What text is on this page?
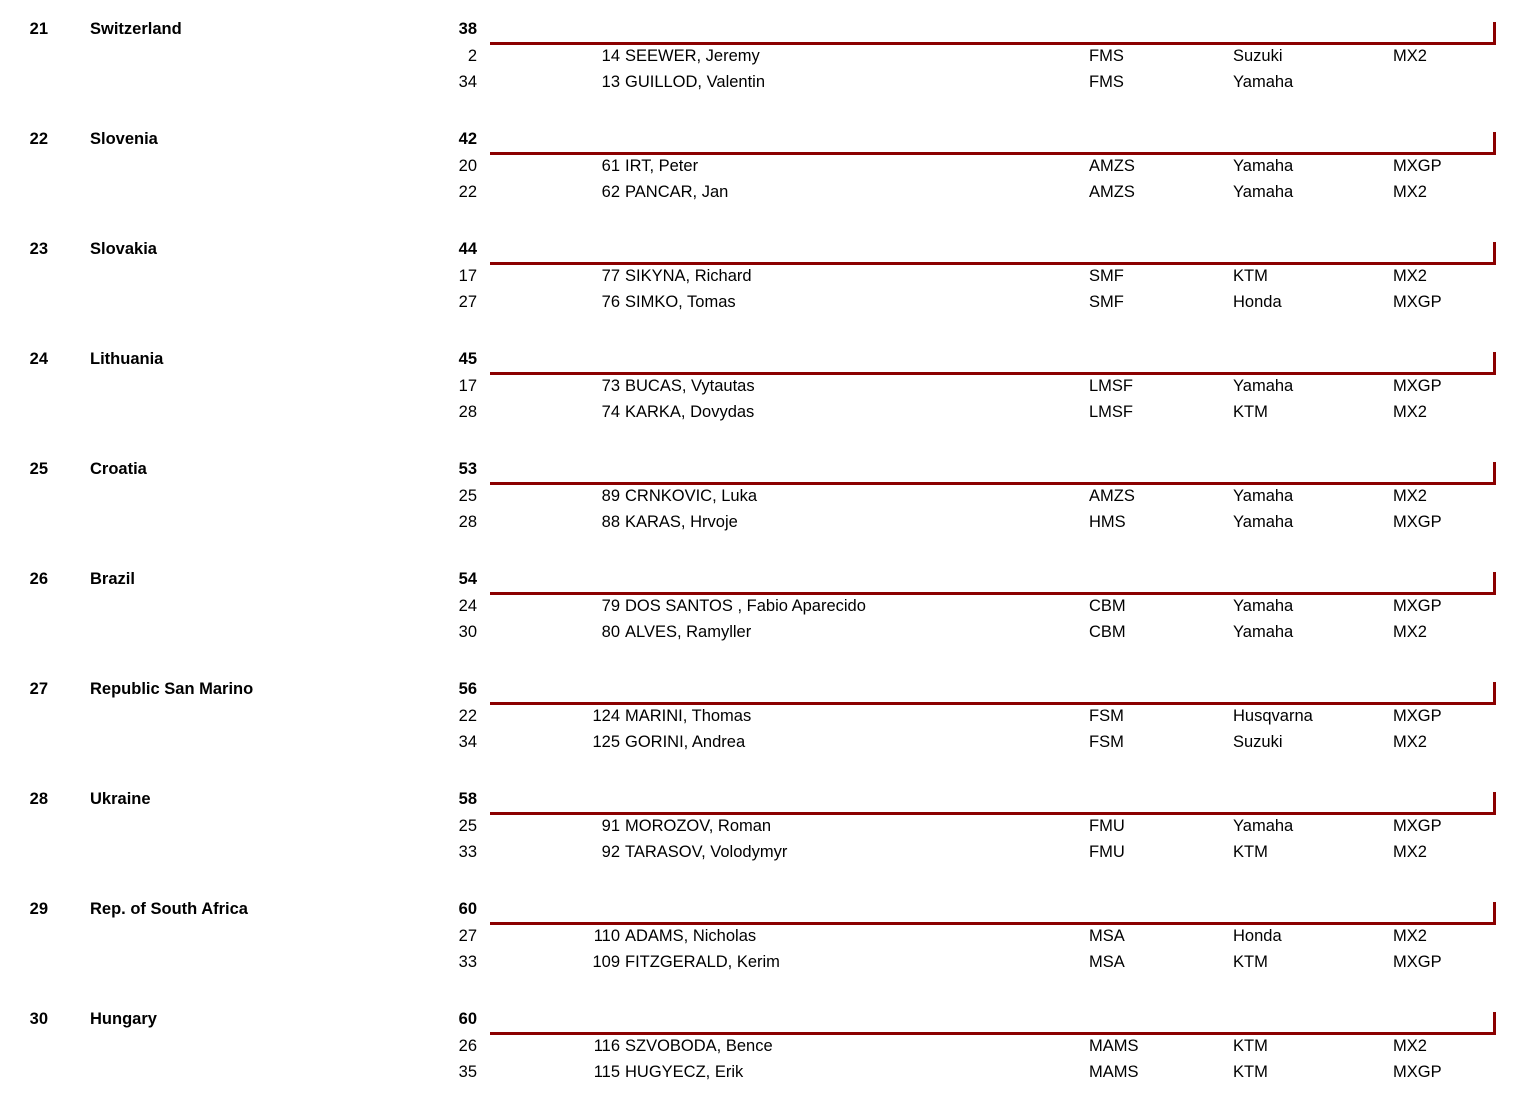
21	Switzerland	38
2	14 SEEWER, Jeremy	FMS	Suzuki	MX2
34	13 GUILLOD, Valentin	FMS	Yamaha
22	Slovenia	42
20	61 IRT, Peter	AMZS	Yamaha	MXGP
22	62 PANCAR, Jan	AMZS	Yamaha	MX2
23	Slovakia	44
17	77 SIKYNA, Richard	SMF	KTM	MX2
27	76 SIMKO, Tomas	SMF	Honda	MXGP
24	Lithuania	45
17	73 BUCAS, Vytautas	LMSF	Yamaha	MXGP
28	74 KARKA, Dovydas	LMSF	KTM	MX2
25	Croatia	53
25	89 CRNKOVIC, Luka	AMZS	Yamaha	MX2
28	88 KARAS, Hrvoje	HMS	Yamaha	MXGP
26	Brazil	54
24	79 DOS SANTOS , Fabio Aparecido	CBM	Yamaha	MXGP
30	80 ALVES, Ramyller	CBM	Yamaha	MX2
27	Republic San Marino	56
22	124 MARINI, Thomas	FSM	Husqvarna	MXGP
34	125 GORINI, Andrea	FSM	Suzuki	MX2
28	Ukraine	58
25	91 MOROZOV, Roman	FMU	Yamaha	MXGP
33	92 TARASOV, Volodymyr	FMU	KTM	MX2
29	Rep. of South Africa	60
27	110 ADAMS, Nicholas	MSA	Honda	MX2
33	109 FITZGERALD, Kerim	MSA	KTM	MXGP
30	Hungary	60
26	116 SZVOBODA, Bence	MAMS	KTM	MX2
35	115 HUGYECZ, Erik	MAMS	KTM	MXGP
